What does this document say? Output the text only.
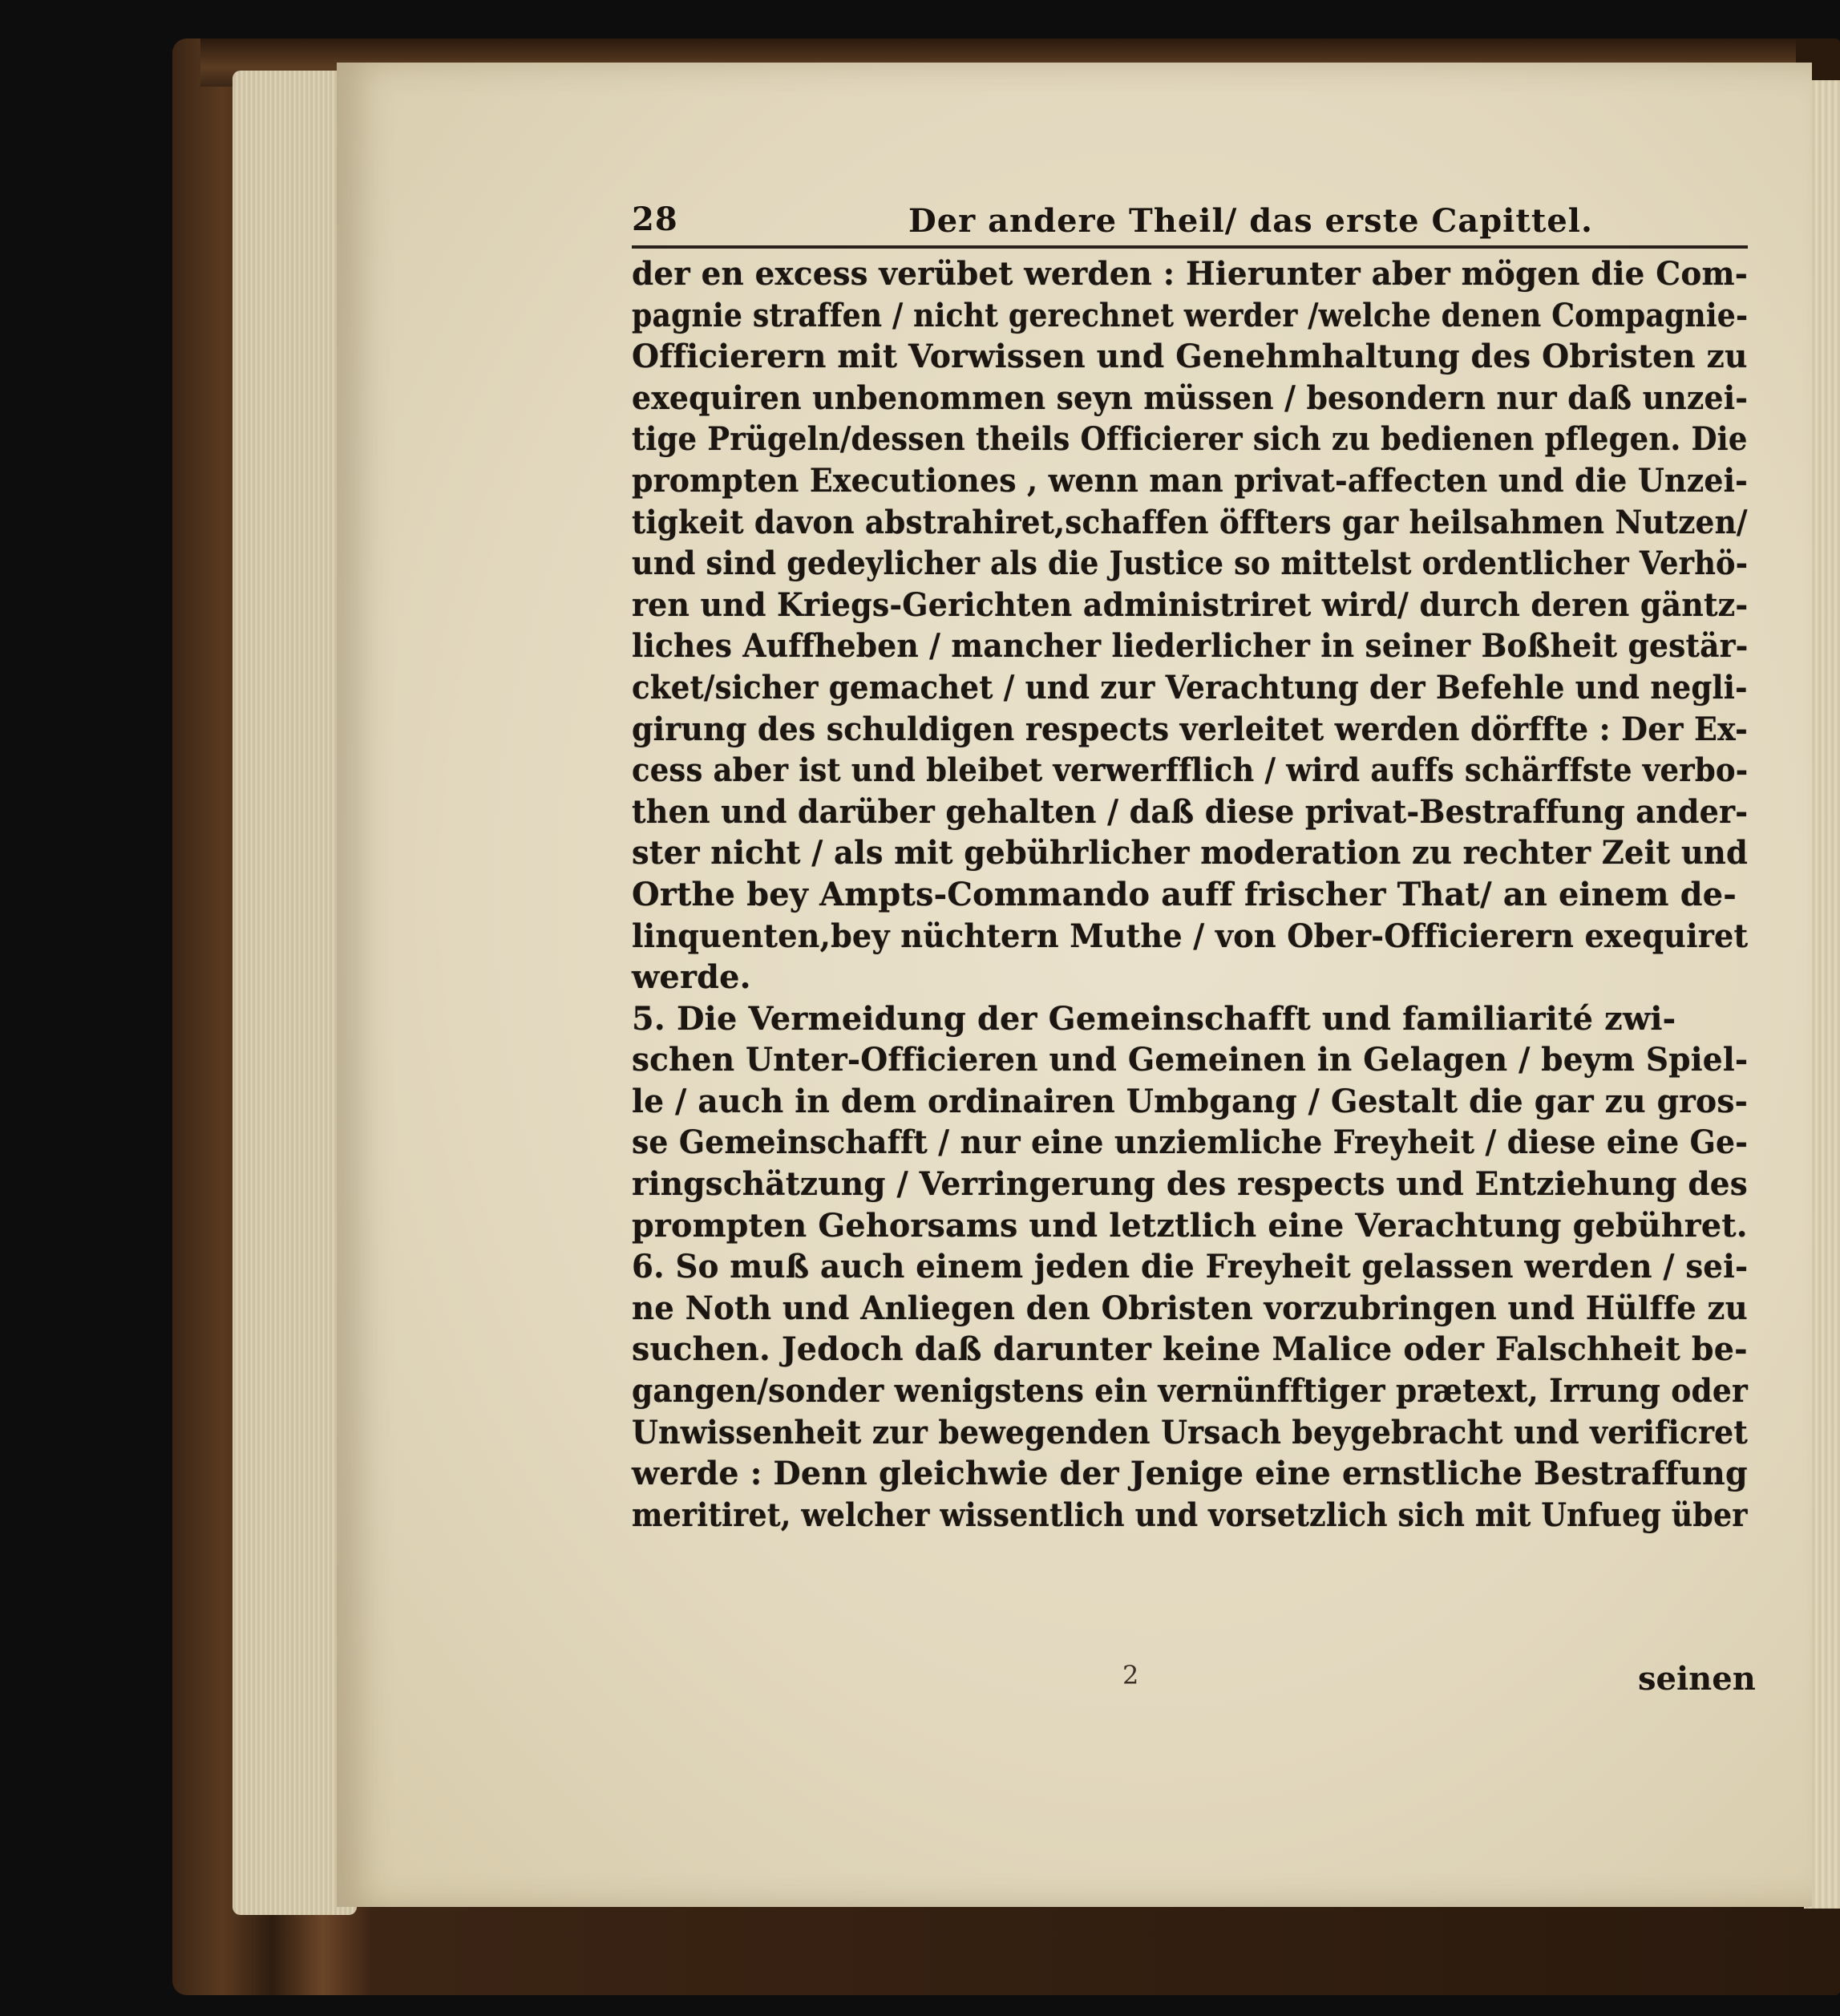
28	Der andere Theil/ das erste Capittel.
der en excess verübet werden : Hierunter aber mögen die Com-
pagnie straffen / nicht gerechnet werder /welche denen Compagnie-
Officierern mit Vorwissen und Genehmhaltung des Obristen zu
exequiren unbenommen seyn müssen / besondern nur daß unzei-
tige Prügeln/dessen theils Officierer sich zu bedienen pflegen. Die
prompten Executiones , wenn man privat-affecten und die Unzei-
tigkeit davon abstrahiret,schaffen öffters gar heilsahmen Nutzen/
und sind gedeylicher als die Justice so mittelst ordentlicher Verhö-
ren und Kriegs-Gerichten administriret wird/ durch deren gäntz-
liches Auffheben / mancher liederlicher in seiner Boßheit gestär-
cket/sicher gemachet / und zur Verachtung der Befehle und negli-
girung des schuldigen respects verleitet werden dörffte : Der Ex-
cess aber ist und bleibet verwerfflich / wird auffs schärffste verbo-
then und darüber gehalten / daß diese privat-Bestraffung ander-
ster nicht / als mit gebührlicher moderation zu rechter Zeit und
Orthe bey Ampts-Commando auff frischer That/ an einem de-
linquenten,bey nüchtern Muthe / von Ober-Officierern exequiret
werde.
5. Die Vermeidung der Gemeinschafft und familiarité zwi-
schen Unter-Officieren und Gemeinen in Gelagen / beym Spiel-
le / auch in dem ordinairen Umbgang / Gestalt die gar zu gros-
se Gemeinschafft / nur eine unziemliche Freyheit / diese eine Ge-
ringschätzung / Verringerung des respects und Entziehung des
prompten Gehorsams und letztlich eine Verachtung gebühret.
6. So muß auch einem jeden die Freyheit gelassen werden / sei-
ne Noth und Anliegen den Obristen vorzubringen und Hülffe zu
suchen. Jedoch daß darunter keine Malice oder Falschheit be-
gangen/sonder wenigstens ein vernünfftiger prætext, Irrung oder
Unwissenheit zur bewegenden Ursach beygebracht und verificret
werde : Denn gleichwie der Jenige eine ernstliche Bestraffung
meritiret, welcher wissentlich und vorsetzlich sich mit Unfueg über
2	seinen
